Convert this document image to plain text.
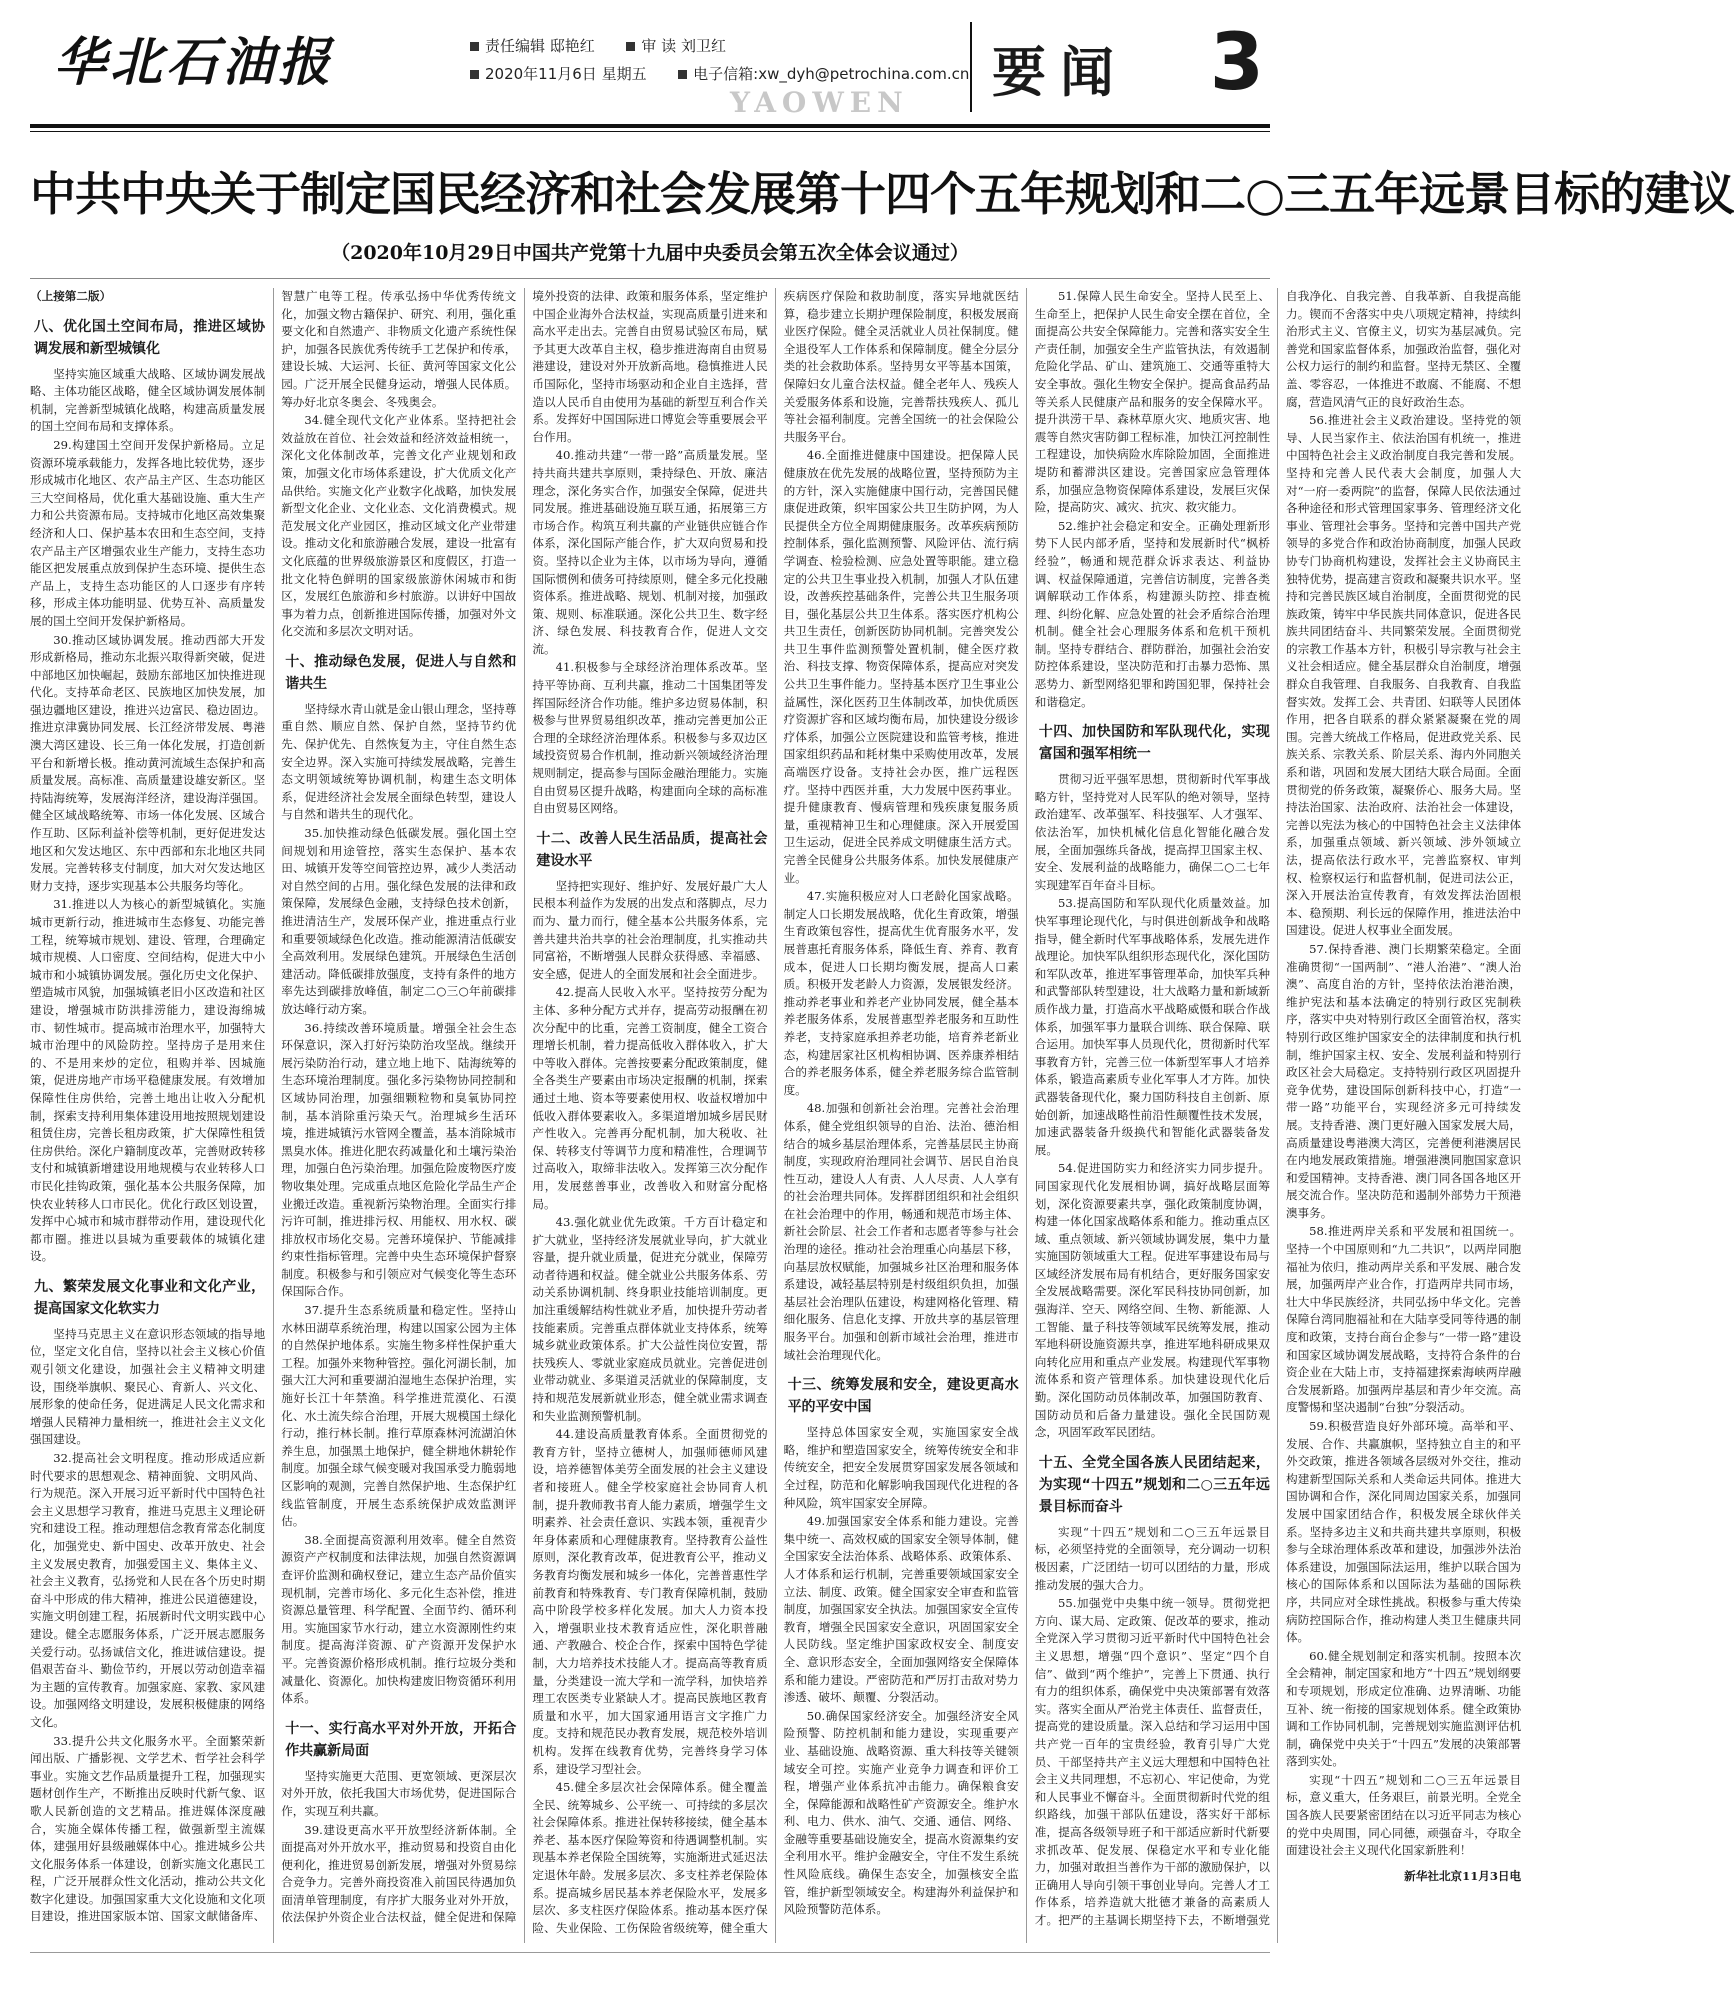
华北石油报	责任编辑 邸艳红	审 读 刘卫红
2020年11月6日 星期五	电子信箱:xw_dyh@petrochina.com.cn
YAOWEN 要闻 3
中共中央关于制定国民经济和社会发展第十四个五年规划和二○三五年远景目标的建议
（2020年10月29日中国共产党第十九届中央委员会第五次全体会议通过）

（上接第二版）

八、优化国土空间布局，推进区域协调发展和新型城镇化

坚持实施区域重大战略、区域协调发展战略、主体功能区战略，健全区域协调发展体制机制，完善新型城镇化战略，构建高质量发展的国土空间布局和支撑体系。

29.构建国土空间开发保护新格局。立足资源环境承载能力，发挥各地比较优势，逐步形成城市化地区、农产品主产区、生态功能区三大空间格局，优化重大基础设施、重大生产力和公共资源布局。支持城市化地区高效集聚经济和人口、保护基本农田和生态空间，支持农产品主产区增强农业生产能力，支持生态功能区把发展重点放到保护生态环境、提供生态产品上，支持生态功能区的人口逐步有序转移，形成主体功能明显、优势互补、高质量发展的国土空间开发保护新格局。

30.推动区域协调发展。推动西部大开发形成新格局，推动东北振兴取得新突破，促进中部地区加快崛起，鼓励东部地区加快推进现代化。支持革命老区、民族地区加快发展，加强边疆地区建设，推进兴边富民、稳边固边。推进京津冀协同发展、长江经济带发展、粤港澳大湾区建设、长三角一体化发展，打造创新平台和新增长极。推动黄河流域生态保护和高质量发展。高标准、高质量建设雄安新区。坚持陆海统筹，发展海洋经济，建设海洋强国。健全区域战略统筹、市场一体化发展、区域合作互助、区际利益补偿等机制，更好促进发达地区和欠发达地区、东中西部和东北地区共同发展。完善转移支付制度，加大对欠发达地区财力支持，逐步实现基本公共服务均等化。

31.推进以人为核心的新型城镇化。实施城市更新行动，推进城市生态修复、功能完善工程，统筹城市规划、建设、管理，合理确定城市规模、人口密度、空间结构，促进大中小城市和小城镇协调发展。强化历史文化保护、塑造城市风貌，加强城镇老旧小区改造和社区建设，增强城市防洪排涝能力，建设海绵城市、韧性城市。提高城市治理水平，加强特大城市治理中的风险防控。坚持房子是用来住的、不是用来炒的定位，租购并举、因城施策，促进房地产市场平稳健康发展。有效增加保障性住房供给，完善土地出让收入分配机制，探索支持利用集体建设用地按照规划建设租赁住房，完善长租房政策，扩大保障性租赁住房供给。深化户籍制度改革，完善财政转移支付和城镇新增建设用地规模与农业转移人口市民化挂钩政策，强化基本公共服务保障，加快农业转移人口市民化。优化行政区划设置，发挥中心城市和城市群带动作用，建设现代化都市圈。推进以县城为重要载体的城镇化建设。

九、繁荣发展文化事业和文化产业，提高国家文化软实力

坚持马克思主义在意识形态领域的指导地位，坚定文化自信，坚持以社会主义核心价值观引领文化建设，加强社会主义精神文明建设，围绕举旗帜、聚民心、育新人、兴文化、展形象的使命任务，促进满足人民文化需求和增强人民精神力量相统一，推进社会主义文化强国建设。

32.提高社会文明程度。推动形成适应新时代要求的思想观念、精神面貌、文明风尚、行为规范。深入开展习近平新时代中国特色社会主义思想学习教育，推进马克思主义理论研究和建设工程。推动理想信念教育常态化制度化，加强党史、新中国史、改革开放史、社会主义发展史教育，加强爱国主义、集体主义、社会主义教育，弘扬党和人民在各个历史时期奋斗中形成的伟大精神，推进公民道德建设，实施文明创建工程，拓展新时代文明实践中心建设。健全志愿服务体系，广泛开展志愿服务关爱行动。弘扬诚信文化，推进诚信建设。提倡艰苦奋斗、勤俭节约，开展以劳动创造幸福为主题的宣传教育。加强家庭、家教、家风建设。加强网络文明建设，发展积极健康的网络文化。

33.提升公共文化服务水平。全面繁荣新闻出版、广播影视、文学艺术、哲学社会科学事业。实施文艺作品质量提升工程，加强现实题材创作生产，不断推出反映时代新气象、讴歌人民新创造的文艺精品。推进媒体深度融合，实施全媒体传播工程，做强新型主流媒体，建强用好县级融媒体中心。推进城乡公共文化服务体系一体建设，创新实施文化惠民工程，广泛开展群众性文化活动，推动公共文化数字化建设。加强国家重大文化设施和文化项目建设，推进国家版本馆、国家文献储备库、智慧广电等工程。传承弘扬中华优秀传统文化，加强文物古籍保护、研究、利用，强化重要文化和自然遗产、非物质文化遗产系统性保护，加强各民族优秀传统手工艺保护和传承，建设长城、大运河、长征、黄河等国家文化公园。广泛开展全民健身运动，增强人民体质。筹办好北京冬奥会、冬残奥会。

34.健全现代文化产业体系。坚持把社会效益放在首位、社会效益和经济效益相统一，深化文化体制改革，完善文化产业规划和政策，加强文化市场体系建设，扩大优质文化产品供给。实施文化产业数字化战略，加快发展新型文化企业、文化业态、文化消费模式。规范发展文化产业园区，推动区域文化产业带建设。推动文化和旅游融合发展，建设一批富有文化底蕴的世界级旅游景区和度假区，打造一批文化特色鲜明的国家级旅游休闲城市和街区，发展红色旅游和乡村旅游。以讲好中国故事为着力点，创新推进国际传播，加强对外文化交流和多层次文明对话。

十、推动绿色发展，促进人与自然和谐共生

坚持绿水青山就是金山银山理念，坚持尊重自然、顺应自然、保护自然，坚持节约优先、保护优先、自然恢复为主，守住自然生态安全边界。深入实施可持续发展战略，完善生态文明领域统筹协调机制，构建生态文明体系，促进经济社会发展全面绿色转型，建设人与自然和谐共生的现代化。

35.加快推动绿色低碳发展。强化国土空间规划和用途管控，落实生态保护、基本农田、城镇开发等空间管控边界，减少人类活动对自然空间的占用。强化绿色发展的法律和政策保障，发展绿色金融，支持绿色技术创新，推进清洁生产，发展环保产业，推进重点行业和重要领域绿色化改造。推动能源清洁低碳安全高效利用。发展绿色建筑。开展绿色生活创建活动。降低碳排放强度，支持有条件的地方率先达到碳排放峰值，制定二○三○年前碳排放达峰行动方案。

36.持续改善环境质量。增强全社会生态环保意识，深入打好污染防治攻坚战。继续开展污染防治行动，建立地上地下、陆海统筹的生态环境治理制度。强化多污染物协同控制和区域协同治理，加强细颗粒物和臭氧协同控制，基本消除重污染天气。治理城乡生活环境，推进城镇污水管网全覆盖，基本消除城市黑臭水体。推进化肥农药减量化和土壤污染治理，加强白色污染治理。加强危险废物医疗废物收集处理。完成重点地区危险化学品生产企业搬迁改造。重视新污染物治理。全面实行排污许可制，推进排污权、用能权、用水权、碳排放权市场化交易。完善环境保护、节能减排约束性指标管理。完善中央生态环境保护督察制度。积极参与和引领应对气候变化等生态环保国际合作。

37.提升生态系统质量和稳定性。坚持山水林田湖草系统治理，构建以国家公园为主体的自然保护地体系。实施生物多样性保护重大工程。加强外来物种管控。强化河湖长制，加强大江大河和重要湖泊湿地生态保护治理，实施好长江十年禁渔。科学推进荒漠化、石漠化、水土流失综合治理，开展大规模国土绿化行动，推行林长制。推行草原森林河流湖泊休养生息，加强黑土地保护，健全耕地休耕轮作制度。加强全球气候变暖对我国承受力脆弱地区影响的观测，完善自然保护地、生态保护红线监管制度，开展生态系统保护成效监测评估。

38.全面提高资源利用效率。健全自然资源资产产权制度和法律法规，加强自然资源调查评价监测和确权登记，建立生态产品价值实现机制，完善市场化、多元化生态补偿，推进资源总量管理、科学配置、全面节约、循环利用。实施国家节水行动，建立水资源刚性约束制度。提高海洋资源、矿产资源开发保护水平。完善资源价格形成机制。推行垃圾分类和减量化、资源化。加快构建废旧物资循环利用体系。

十一、实行高水平对外开放，开拓合作共赢新局面

坚持实施更大范围、更宽领域、更深层次对外开放，依托我国大市场优势，促进国际合作，实现互利共赢。

39.建设更高水平开放型经济新体制。全面提高对外开放水平，推动贸易和投资自由化便利化，推进贸易创新发展，增强对外贸易综合竞争力。完善外商投资准入前国民待遇加负面清单管理制度，有序扩大服务业对外开放，依法保护外资企业合法权益，健全促进和保障境外投资的法律、政策和服务体系，坚定维护中国企业海外合法权益，实现高质量引进来和高水平走出去。完善自由贸易试验区布局，赋予其更大改革自主权，稳步推进海南自由贸易港建设，建设对外开放新高地。稳慎推进人民币国际化，坚持市场驱动和企业自主选择，营造以人民币自由使用为基础的新型互利合作关系。发挥好中国国际进口博览会等重要展会平台作用。

40.推动共建“一带一路”高质量发展。坚持共商共建共享原则，秉持绿色、开放、廉洁理念，深化务实合作，加强安全保障，促进共同发展。推进基础设施互联互通，拓展第三方市场合作。构筑互利共赢的产业链供应链合作体系，深化国际产能合作，扩大双向贸易和投资。坚持以企业为主体，以市场为导向，遵循国际惯例和债务可持续原则，健全多元化投融资体系。推进战略、规划、机制对接，加强政策、规则、标准联通。深化公共卫生、数字经济、绿色发展、科技教育合作，促进人文交流。

41.积极参与全球经济治理体系改革。坚持平等协商、互利共赢，推动二十国集团等发挥国际经济合作功能。维护多边贸易体制，积极参与世界贸易组织改革，推动完善更加公正合理的全球经济治理体系。积极参与多双边区域投资贸易合作机制，推动新兴领域经济治理规则制定，提高参与国际金融治理能力。实施自由贸易区提升战略，构建面向全球的高标准自由贸易区网络。

十二、改善人民生活品质，提高社会建设水平

坚持把实现好、维护好、发展好最广大人民根本利益作为发展的出发点和落脚点，尽力而为、量力而行，健全基本公共服务体系，完善共建共治共享的社会治理制度，扎实推动共同富裕，不断增强人民群众获得感、幸福感、安全感，促进人的全面发展和社会全面进步。

42.提高人民收入水平。坚持按劳分配为主体、多种分配方式并存，提高劳动报酬在初次分配中的比重，完善工资制度，健全工资合理增长机制，着力提高低收入群体收入，扩大中等收入群体。完善按要素分配政策制度，健全各类生产要素由市场决定报酬的机制，探索通过土地、资本等要素使用权、收益权增加中低收入群体要素收入。多渠道增加城乡居民财产性收入。完善再分配机制，加大税收、社保、转移支付等调节力度和精准性，合理调节过高收入，取缔非法收入。发挥第三次分配作用，发展慈善事业，改善收入和财富分配格局。

43.强化就业优先政策。千方百计稳定和扩大就业，坚持经济发展就业导向，扩大就业容量，提升就业质量，促进充分就业，保障劳动者待遇和权益。健全就业公共服务体系、劳动关系协调机制、终身职业技能培训制度。更加注重缓解结构性就业矛盾，加快提升劳动者技能素质。完善重点群体就业支持体系，统筹城乡就业政策体系。扩大公益性岗位安置，帮扶残疾人、零就业家庭成员就业。完善促进创业带动就业、多渠道灵活就业的保障制度，支持和规范发展新就业形态，健全就业需求调查和失业监测预警机制。

44.建设高质量教育体系。全面贯彻党的教育方针，坚持立德树人，加强师德师风建设，培养德智体美劳全面发展的社会主义建设者和接班人。健全学校家庭社会协同育人机制，提升教师教书育人能力素质，增强学生文明素养、社会责任意识、实践本领，重视青少年身体素质和心理健康教育。坚持教育公益性原则，深化教育改革，促进教育公平，推动义务教育均衡发展和城乡一体化，完善普惠性学前教育和特殊教育、专门教育保障机制，鼓励高中阶段学校多样化发展。加大人力资本投入，增强职业技术教育适应性，深化职普融通、产教融合、校企合作，探索中国特色学徒制，大力培养技术技能人才。提高高等教育质量，分类建设一流大学和一流学科，加快培养理工农医类专业紧缺人才。提高民族地区教育质量和水平，加大国家通用语言文字推广力度。支持和规范民办教育发展，规范校外培训机构。发挥在线教育优势，完善终身学习体系，建设学习型社会。

45.健全多层次社会保障体系。健全覆盖全民、统筹城乡、公平统一、可持续的多层次社会保障体系。推进社保转移接续，健全基本养老、基本医疗保险筹资和待遇调整机制。实现基本养老保险全国统筹，实施渐进式延迟法定退休年龄。发展多层次、多支柱养老保险体系。提高城乡居民基本养老保险水平，发展多层次、多支柱医疗保险体系。推动基本医疗保险、失业保险、工伤保险省级统筹，健全重大疾病医疗保险和救助制度，落实异地就医结算，稳步建立长期护理保险制度，积极发展商业医疗保险。健全灵活就业人员社保制度。健全退役军人工作体系和保障制度。健全分层分类的社会救助体系。坚持男女平等基本国策，保障妇女儿童合法权益。健全老年人、残疾人关爱服务体系和设施，完善帮扶残疾人、孤儿等社会福利制度。完善全国统一的社会保险公共服务平台。

46.全面推进健康中国建设。把保障人民健康放在优先发展的战略位置，坚持预防为主的方针，深入实施健康中国行动，完善国民健康促进政策，织牢国家公共卫生防护网，为人民提供全方位全周期健康服务。改革疾病预防控制体系，强化监测预警、风险评估、流行病学调查、检验检测、应急处置等职能。建立稳定的公共卫生事业投入机制，加强人才队伍建设，改善疾控基础条件，完善公共卫生服务项目，强化基层公共卫生体系。落实医疗机构公共卫生责任，创新医防协同机制。完善突发公共卫生事件监测预警处置机制，健全医疗救治、科技支撑、物资保障体系，提高应对突发公共卫生事件能力。坚持基本医疗卫生事业公益属性，深化医药卫生体制改革，加快优质医疗资源扩容和区域均衡布局，加快建设分级诊疗体系，加强公立医院建设和监管考核，推进国家组织药品和耗材集中采购使用改革，发展高端医疗设备。支持社会办医，推广远程医疗。坚持中西医并重，大力发展中医药事业。提升健康教育、慢病管理和残疾康复服务质量，重视精神卫生和心理健康。深入开展爱国卫生运动，促进全民养成文明健康生活方式。完善全民健身公共服务体系。加快发展健康产业。

47.实施积极应对人口老龄化国家战略。制定人口长期发展战略，优化生育政策，增强生育政策包容性，提高优生优育服务水平，发展普惠托育服务体系，降低生育、养育、教育成本，促进人口长期均衡发展，提高人口素质。积极开发老龄人力资源，发展银发经济。推动养老事业和养老产业协同发展，健全基本养老服务体系，发展普惠型养老服务和互助性养老，支持家庭承担养老功能，培育养老新业态，构建居家社区机构相协调、医养康养相结合的养老服务体系，健全养老服务综合监管制度。

48.加强和创新社会治理。完善社会治理体系，健全党组织领导的自治、法治、德治相结合的城乡基层治理体系，完善基层民主协商制度，实现政府治理同社会调节、居民自治良性互动，建设人人有责、人人尽责、人人享有的社会治理共同体。发挥群团组织和社会组织在社会治理中的作用，畅通和规范市场主体、新社会阶层、社会工作者和志愿者等参与社会治理的途径。推动社会治理重心向基层下移，向基层放权赋能，加强城乡社区治理和服务体系建设，减轻基层特别是村级组织负担，加强基层社会治理队伍建设，构建网格化管理、精细化服务、信息化支撑、开放共享的基层管理服务平台。加强和创新市域社会治理，推进市域社会治理现代化。

十三、统筹发展和安全，建设更高水平的平安中国

坚持总体国家安全观，实施国家安全战略，维护和塑造国家安全，统筹传统安全和非传统安全，把安全发展贯穿国家发展各领域和全过程，防范和化解影响我国现代化进程的各种风险，筑牢国家安全屏障。

49.加强国家安全体系和能力建设。完善集中统一、高效权威的国家安全领导体制，健全国家安全法治体系、战略体系、政策体系、人才体系和运行机制，完善重要领域国家安全立法、制度、政策。健全国家安全审查和监管制度，加强国家安全执法。加强国家安全宣传教育，增强全民国家安全意识，巩固国家安全人民防线。坚定维护国家政权安全、制度安全、意识形态安全，全面加强网络安全保障体系和能力建设。严密防范和严厉打击敌对势力渗透、破坏、颠覆、分裂活动。

50.确保国家经济安全。加强经济安全风险预警、防控机制和能力建设，实现重要产业、基础设施、战略资源、重大科技等关键领域安全可控。实施产业竞争力调查和评价工程，增强产业体系抗冲击能力。确保粮食安全，保障能源和战略性矿产资源安全。维护水利、电力、供水、油气、交通、通信、网络、金融等重要基础设施安全，提高水资源集约安全利用水平。维护金融安全，守住不发生系统性风险底线。确保生态安全，加强核安全监管，维护新型领域安全。构建海外利益保护和风险预警防范体系。

51.保障人民生命安全。坚持人民至上、生命至上，把保护人民生命安全摆在首位，全面提高公共安全保障能力。完善和落实安全生产责任制，加强安全生产监管执法，有效遏制危险化学品、矿山、建筑施工、交通等重特大安全事故。强化生物安全保护。提高食品药品等关系人民健康产品和服务的安全保障水平。提升洪涝干旱、森林草原火灾、地质灾害、地震等自然灾害防御工程标准，加快江河控制性工程建设，加快病险水库除险加固，全面推进堤防和蓄滞洪区建设。完善国家应急管理体系，加强应急物资保障体系建设，发展巨灾保险，提高防灾、减灾、抗灾、救灾能力。

52.维护社会稳定和安全。正确处理新形势下人民内部矛盾，坚持和发展新时代“枫桥经验”，畅通和规范群众诉求表达、利益协调、权益保障通道，完善信访制度，完善各类调解联动工作体系，构建源头防控、排查梳理、纠纷化解、应急处置的社会矛盾综合治理机制。健全社会心理服务体系和危机干预机制。坚持专群结合、群防群治，加强社会治安防控体系建设，坚决防范和打击暴力恐怖、黑恶势力、新型网络犯罪和跨国犯罪，保持社会和谐稳定。

十四、加快国防和军队现代化，实现富国和强军相统一

贯彻习近平强军思想，贯彻新时代军事战略方针，坚持党对人民军队的绝对领导，坚持政治建军、改革强军、科技强军、人才强军、依法治军，加快机械化信息化智能化融合发展，全面加强练兵备战，提高捍卫国家主权、安全、发展利益的战略能力，确保二○二七年实现建军百年奋斗目标。

53.提高国防和军队现代化质量效益。加快军事理论现代化，与时俱进创新战争和战略指导，健全新时代军事战略体系，发展先进作战理论。加快军队组织形态现代化，深化国防和军队改革，推进军事管理革命，加快军兵种和武警部队转型建设，壮大战略力量和新域新质作战力量，打造高水平战略威慑和联合作战体系，加强军事力量联合训练、联合保障、联合运用。加快军事人员现代化，贯彻新时代军事教育方针，完善三位一体新型军事人才培养体系，锻造高素质专业化军事人才方阵。加快武器装备现代化，聚力国防科技自主创新、原始创新，加速战略性前沿性颠覆性技术发展，加速武器装备升级换代和智能化武器装备发展。

54.促进国防实力和经济实力同步提升。同国家现代化发展相协调，搞好战略层面筹划，深化资源要素共享，强化政策制度协调，构建一体化国家战略体系和能力。推动重点区域、重点领域、新兴领域协调发展，集中力量实施国防领域重大工程。促进军事建设布局与区域经济发展布局有机结合，更好服务国家安全发展战略需要。深化军民科技协同创新，加强海洋、空天、网络空间、生物、新能源、人工智能、量子科技等领域军民统筹发展，推动军地科研设施资源共享，推进军地科研成果双向转化应用和重点产业发展。构建现代军事物流体系和资产管理体系。加快建设现代化后勤。深化国防动员体制改革，加强国防教育、国防动员和后备力量建设。强化全民国防观念，巩固军政军民团结。

十五、全党全国各族人民团结起来，为实现“十四五”规划和二○三五年远景目标而奋斗

实现“十四五”规划和二○三五年远景目标，必须坚持党的全面领导，充分调动一切积极因素，广泛团结一切可以团结的力量，形成推动发展的强大合力。

55.加强党中央集中统一领导。贯彻党把方向、谋大局、定政策、促改革的要求，推动全党深入学习贯彻习近平新时代中国特色社会主义思想，增强“四个意识”、坚定“四个自信”、做到“两个维护”，完善上下贯通、执行有力的组织体系，确保党中央决策部署有效落实。落实全面从严治党主体责任、监督责任，提高党的建设质量。深入总结和学习运用中国共产党一百年的宝贵经验，教育引导广大党员、干部坚持共产主义远大理想和中国特色社会主义共同理想，不忘初心、牢记使命，为党和人民事业不懈奋斗。全面贯彻新时代党的组织路线，加强干部队伍建设，落实好干部标准，提高各级领导班子和干部适应新时代新要求抓改革、促发展、保稳定水平和专业化能力，加强对敢担当善作为干部的激励保护，以正确用人导向引领干事创业导向。完善人才工作体系，培养造就大批德才兼备的高素质人才。把严的主基调长期坚持下去，不断增强党自我净化、自我完善、自我革新、自我提高能力。锲而不舍落实中央八项规定精神，持续纠治形式主义、官僚主义，切实为基层减负。完善党和国家监督体系，加强政治监督，强化对公权力运行的制约和监督。坚持无禁区、全覆盖、零容忍，一体推进不敢腐、不能腐、不想腐，营造风清气正的良好政治生态。

56.推进社会主义政治建设。坚持党的领导、人民当家作主、依法治国有机统一，推进中国特色社会主义政治制度自我完善和发展。坚持和完善人民代表大会制度，加强人大对“一府一委两院”的监督，保障人民依法通过各种途径和形式管理国家事务、管理经济文化事业、管理社会事务。坚持和完善中国共产党领导的多党合作和政治协商制度，加强人民政协专门协商机构建设，发挥社会主义协商民主独特优势，提高建言资政和凝聚共识水平。坚持和完善民族区域自治制度，全面贯彻党的民族政策，铸牢中华民族共同体意识，促进各民族共同团结奋斗、共同繁荣发展。全面贯彻党的宗教工作基本方针，积极引导宗教与社会主义社会相适应。健全基层群众自治制度，增强群众自我管理、自我服务、自我教育、自我监督实效。发挥工会、共青团、妇联等人民团体作用，把各自联系的群众紧紧凝聚在党的周围。完善大统战工作格局，促进政党关系、民族关系、宗教关系、阶层关系、海内外同胞关系和谐，巩固和发展大团结大联合局面。全面贯彻党的侨务政策，凝聚侨心、服务大局。坚持法治国家、法治政府、法治社会一体建设，完善以宪法为核心的中国特色社会主义法律体系，加强重点领域、新兴领域、涉外领域立法，提高依法行政水平，完善监察权、审判权、检察权运行和监督机制，促进司法公正，深入开展法治宣传教育，有效发挥法治固根本、稳预期、利长远的保障作用，推进法治中国建设。促进人权事业全面发展。

57.保持香港、澳门长期繁荣稳定。全面准确贯彻“一国两制”、“港人治港”、“澳人治澳”、高度自治的方针，坚持依法治港治澳，维护宪法和基本法确定的特别行政区宪制秩序，落实中央对特别行政区全面管治权，落实特别行政区维护国家安全的法律制度和执行机制，维护国家主权、安全、发展利益和特别行政区社会大局稳定。支持特别行政区巩固提升竞争优势，建设国际创新科技中心，打造“一带一路”功能平台，实现经济多元可持续发展。支持香港、澳门更好融入国家发展大局，高质量建设粤港澳大湾区，完善便利港澳居民在内地发展政策措施。增强港澳同胞国家意识和爱国精神。支持香港、澳门同各国各地区开展交流合作。坚决防范和遏制外部势力干预港澳事务。

58.推进两岸关系和平发展和祖国统一。坚持一个中国原则和“九二共识”，以两岸同胞福祉为依归，推动两岸关系和平发展、融合发展，加强两岸产业合作，打造两岸共同市场，壮大中华民族经济，共同弘扬中华文化。完善保障台湾同胞福祉和在大陆享受同等待遇的制度和政策，支持台商台企参与“一带一路”建设和国家区域协调发展战略，支持符合条件的台资企业在大陆上市，支持福建探索海峡两岸融合发展新路。加强两岸基层和青少年交流。高度警惕和坚决遏制“台独”分裂活动。

59.积极营造良好外部环境。高举和平、发展、合作、共赢旗帜，坚持独立自主的和平外交政策，推进各领域各层级对外交往，推动构建新型国际关系和人类命运共同体。推进大国协调和合作，深化同周边国家关系，加强同发展中国家团结合作，积极发展全球伙伴关系。坚持多边主义和共商共建共享原则，积极参与全球治理体系改革和建设，加强涉外法治体系建设，加强国际法运用，维护以联合国为核心的国际体系和以国际法为基础的国际秩序，共同应对全球性挑战。积极参与重大传染病防控国际合作，推动构建人类卫生健康共同体。

60.健全规划制定和落实机制。按照本次全会精神，制定国家和地方“十四五”规划纲要和专项规划，形成定位准确、边界清晰、功能互补、统一衔接的国家规划体系。健全政策协调和工作协同机制，完善规划实施监测评估机制，确保党中央关于“十四五”发展的决策部署落到实处。

实现“十四五”规划和二○三五年远景目标，意义重大，任务艰巨，前景光明。全党全国各族人民要紧密团结在以习近平同志为核心的党中央周围，同心同德，顽强奋斗，夺取全面建设社会主义现代化国家新胜利！

新华社北京11月3日电
